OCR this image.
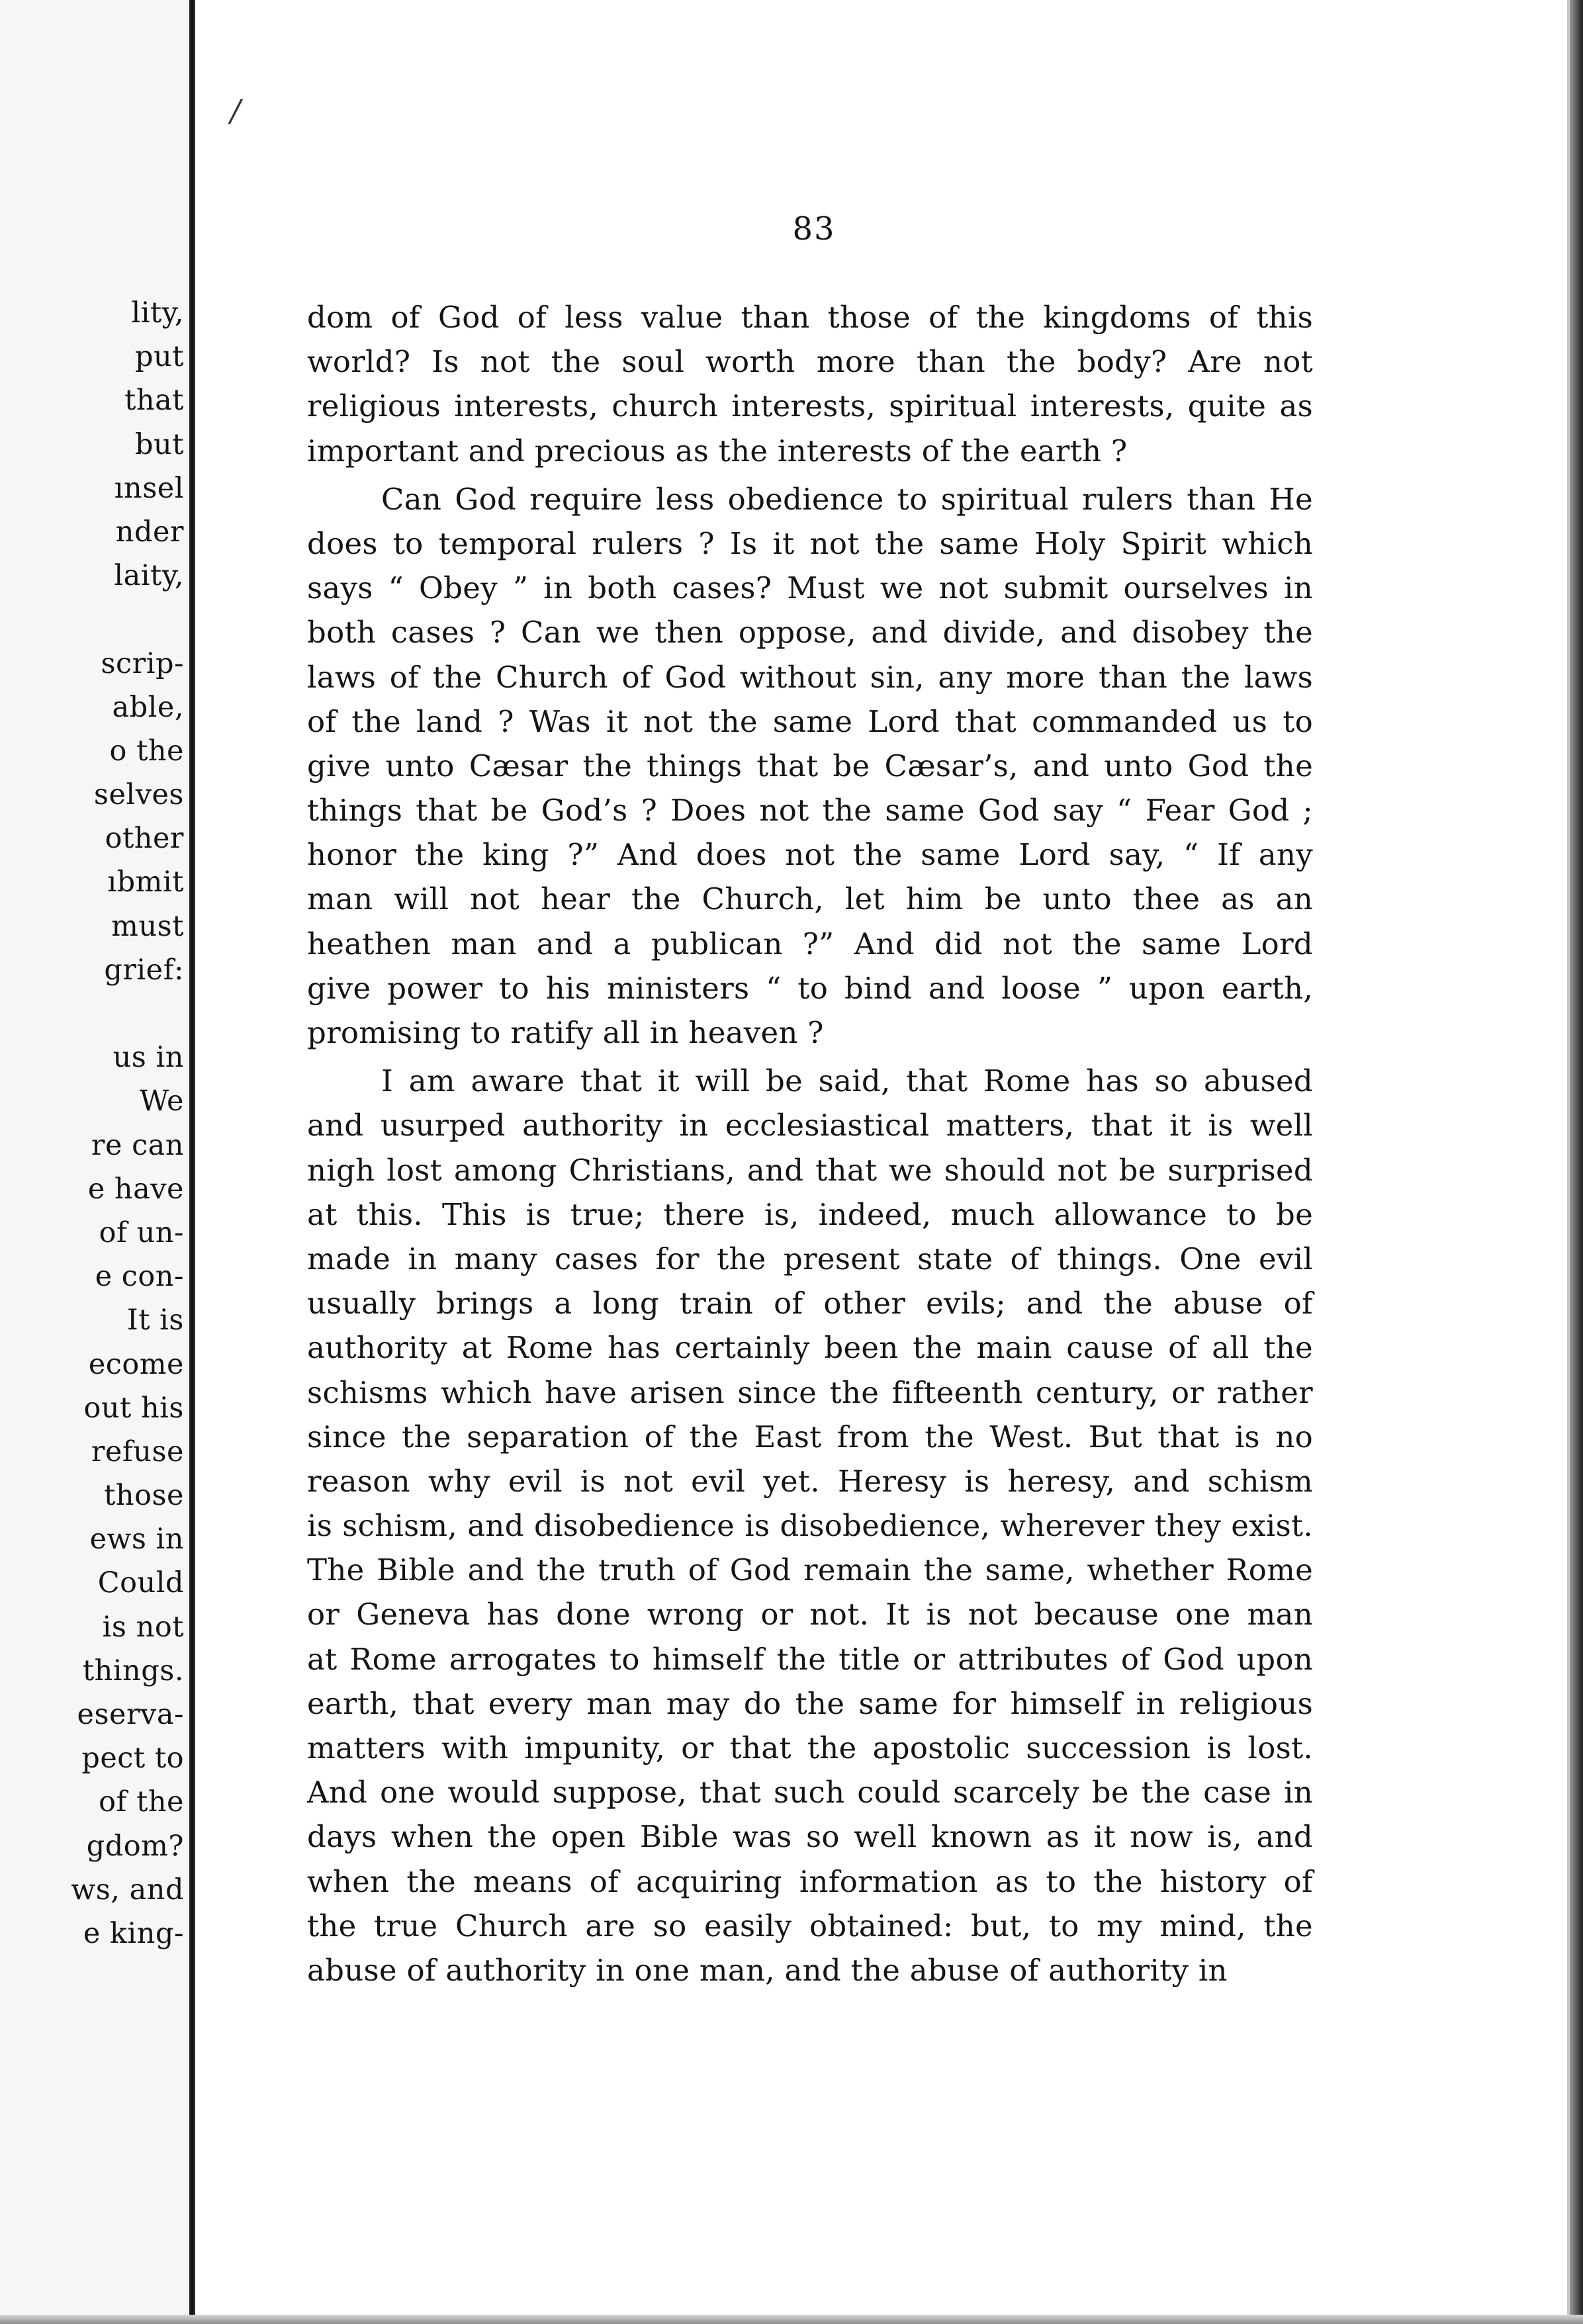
/
lity,
put
that
but
ınsel
nder
laity,
scrip-
able,
o the
selves
other
ıbmit
must
grief:
us in
We
re can
e have
of un-
e con-
It is
ecome
out his
refuse
those
ews in
Could
is not
things.
eserva-
pect to
of the
gdom?
ws, and
e king-
83
dom of God of less value than those of the kingdoms of this
world? Is not the soul worth more than the body? Are not
religious interests, church interests, spiritual interests, quite as
important and precious as the interests of the earth ?
Can God require less obedience to spiritual rulers than He
does to temporal rulers ? Is it not the same Holy Spirit which
says “ Obey ” in both cases? Must we not submit ourselves in
both cases ? Can we then oppose, and divide, and disobey the
laws of the Church of God without sin, any more than the laws
of the land ? Was it not the same Lord that commanded us to
give unto Cæsar the things that be Cæsar’s, and unto God the
things that be God’s ? Does not the same God say “ Fear God ;
honor the king ?” And does not the same Lord say, “ If any
man will not hear the Church, let him be unto thee as an
heathen man and a publican ?” And did not the same Lord
give power to his ministers “ to bind and loose ” upon earth,
promising to ratify all in heaven ?
I am aware that it will be said, that Rome has so abused
and usurped authority in ecclesiastical matters, that it is well
nigh lost among Christians, and that we should not be surprised
at this. This is true; there is, indeed, much allowance to be
made in many cases for the present state of things. One evil
usually brings a long train of other evils; and the abuse of
authority at Rome has certainly been the main cause of all the
schisms which have arisen since the fifteenth century, or rather
since the separation of the East from the West. But that is no
reason why evil is not evil yet. Heresy is heresy, and schism
is schism, and disobedience is disobedience, wherever they exist.
The Bible and the truth of God remain the same, whether Rome
or Geneva has done wrong or not. It is not because one man
at Rome arrogates to himself the title or attributes of God upon
earth, that every man may do the same for himself in religious
matters with impunity, or that the apostolic succession is lost.
And one would suppose, that such could scarcely be the case in
days when the open Bible was so well known as it now is, and
when the means of acquiring information as to the history of
the true Church are so easily obtained: but, to my mind, the
abuse of authority in one man, and the abuse of authority in
